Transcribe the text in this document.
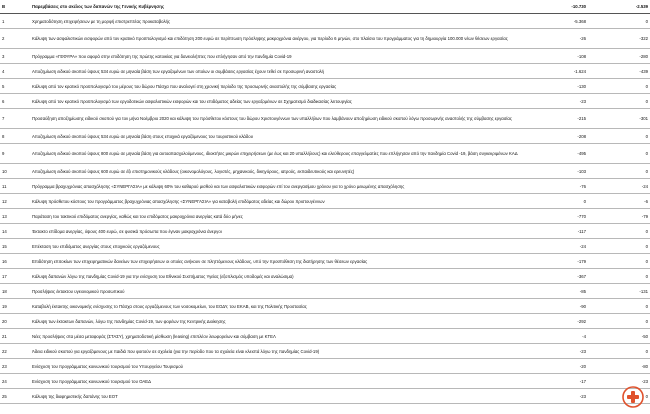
Β	Παρεμβάσεις στο σκέλος των δαπανών της Γενικής Κυβέρνησης	-10.730	-2.539
1	Χρηματοδότηση επιχειρήσεων με τη μορφή επιστρεπτέας προκαταβολής	-5.368	0
2	Κάλυψη των ασφαλιστικών εισφορών από τον κρατικό προϋπολογισμό και επιδότηση 200 ευρώ σε περίπτωση πρόσληψης μακροχρόνια ανέργου, για περίοδο 6 μηνών, στο πλαίσιο του προγράμματος για τη δημιουργία 100.000 νέων θέσεων εργασίας	-26	-322
3	Πρόγραμμα «ΓΕΦΥΡΑ» που αφορά στην επιδότηση της πρώτης κατοικίας για δανειολήπτες που επλήγησαν από την πανδημία Covid-19	-108	-280
4	Αποζημίωση ειδικού σκοπού ύψους 534 ευρώ σε μηνιαία βάση των εργαζομένων των οποίων οι συμβάσεις εργασίας έχουν τεθεί σε προσωρινή αναστολή	-1.624	-439
5	Κάλυψη από τον κρατικό προϋπολογισμό του μέρους του δώρου Πάσχα που αναλογεί στη χρονική περίοδο της προσωρινής αναστολής της σύμβασης εργασίας	-130	0
6	Κάλυψη από τον κρατικό προϋπολογισμό των εργοδοτικών ασφαλιστικών εισφορών και του επιδόματος αδείας των εργαζομένων σε Σχηματισμό διαδικασίας λειτουργίας	-23	0
7	Προσαύξηση αποζημίωσης ειδικού σκοπού για τον μήνα Νοέμβριο 2020 και κάλυψη του πρόσθετου κόστους του δώρου Χριστουγέννων των υπαλλήλων που λαμβάνουν αποζημίωση ειδικού σκοπού λόγω προσωρινής αναστολής της σύμβασης εργασίας	-215	-301
8	Αποζημίωση ειδικού σκοπού ύψους 534 ευρώ σε μηνιαία βάση στους εποχικά εργαζόμενους του τουριστικού κλάδου	-208	0
9	Αποζημίωση ειδικού σκοπού ύψους 800 ευρώ σε μηνιαία βάση για αυτοαπασχολούμενους, ιδιοκτήτες μικρών επιχειρήσεων (με έως και 20 υπαλλήλους) και ελεύθερους επαγγελματίες που επλήγησαν από την πανδημία Covid -19, βάση συγκεκριμένων ΚΑΔ	-495	0
10	Αποζημίωση ειδικού σκοπού ύψους 600 ευρώ σε έξι επιστημονικούς κλάδους (οικονομολόγους, λογιστές, μηχανικούς, δικηγόρους, ιατρούς, εκπαιδευτικούς και ερευνητές)	-103	0
11	Πρόγραμμα βραχυχρόνιας απασχόλησης «ΣΥΝΕΡΓΑΣΙΑ» με κάλυψη 60% του καθαρού μισθού και των ασφαλιστικών εισφορών επί του ανεργασίμου χρόνου για το χρόνο μειωμένης απασχόλησης	-76	-24
12	Κάλυψη πρόσθετου κόστους του προγράμματος βραχυχρόνιας απασχόλησης «ΣΥΝΕΡΓΑΣΙΑ» για καταβολή επιδόματος αδείας και δώρου Χριστουγέννων	0	-6
13	Παράταση του τακτικού επιδόματος ανεργίας, καθώς και του επιδόματος μακροχρόνια ανεργίας κατά δύο μήνες	-770	-79
14	Έκτακτο επίδομα ανεργίας, ύψους 400 ευρώ, σε φυσικά πρόσωπα που έγιναν μακροχρόνια άνεργοι	-117	0
15	Επέκταση του επιδόματος ανεργίας στους εποχικούς εργαζόμενους	-24	0
16	Επιδότηση επιτοκίων των επιχειρηματικών δανείων των επιχειρήσεων οι οποίες ανήκουν σε πληττόμενους κλάδους, υπό την προϋπόθεση της διατήρησης των θέσεων εργασίας	-179	0
17	Κάλυψη δαπανών λόγω της πανδημίας Covid-19 για την ενίσχυση του Εθνικού Συστήματος Υγείας (εξοπλισμός υποδομές και αναλώσιμα)	-367	0
18	Προσλήψεις έκτακτου υγειονομικού προσωπικού	-85	-131
19	Καταβολή έκτακτης οικονομικής ενίσχυσης το Πάσχα στους εργαζόμενους των νοσοκομείων, του ΕΟΔΥ, του ΕΚΑΒ, και της Πολιτικής Προστασίας	-90	0
20	Κάλυψη των έκτακτων δαπανών, λόγω της πανδημίας Covid-19, των φορέων της Κεντρικής Διοίκησης	-292	0
21	Νέες προσλήψεις στα μέσα μεταφοράς (ΣΤΑΣΥ), χρηματοδοτική μίσθωση (leasing) επιπλέον λεωφορείων και σύμβαση με ΚΤΕΛ	-4	-50
22	Άδεια ειδικού σκοπού για εργαζόμενους με παιδιά που φοιτούν σε σχολεία (για την περίοδο που τα σχολεία είναι κλειστά λόγω της πανδημίας Covid-19)	-23	0
23	Ενίσχυση του προγράμματος κοινωνικού τουρισμού του Υπουργείου Τουρισμού	-20	-80
24	Ενίσχυση του προγράμματος κοινωνικού τουρισμού του ΟΑΕΔ	-17	-23
25	Κάλυψη της διαφημιστικής δαπάνης του ΕΟΤ	-23	0
